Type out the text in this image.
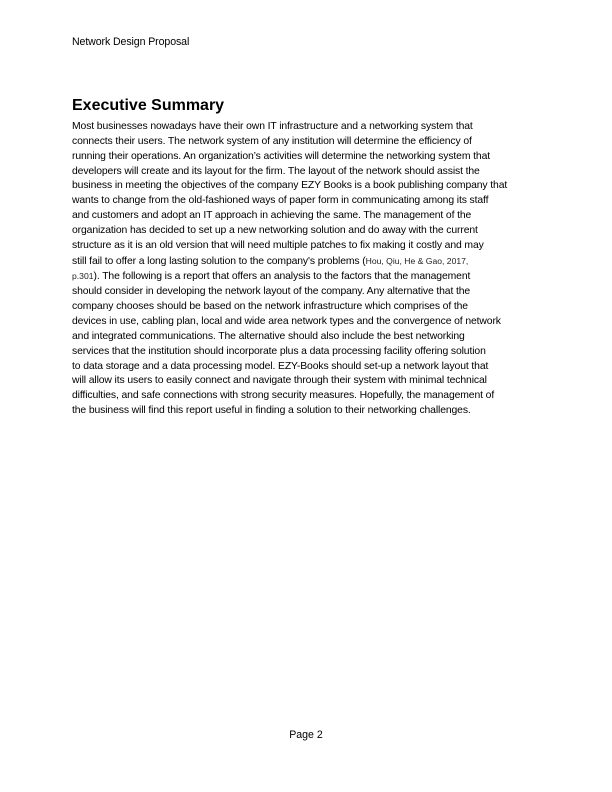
Network Design Proposal
Executive Summary

Most businesses nowadays have their own IT infrastructure and a networking system that
connects their users. The network system of any institution will determine the efficiency of
running their operations. An organization’s activities will determine the networking system that
developers will create and its layout for the firm. The layout of the network should assist the
business in meeting the objectives of the company EZY Books is a book publishing company that
wants to change from the old-fashioned ways of paper form in communicating among its staff
and customers and adopt an IT approach in achieving the same. The management of the
organization has decided to set up a new networking solution and do away with the current
structure as it is an old version that will need multiple patches to fix making it costly and may
still fail to offer a long lasting solution to the company's problems (Hou, Qiu, He & Gao, 2017,
p.301). The following is a report that offers an analysis to the factors that the management
should consider in developing the network layout of the company. Any alternative that the
company chooses should be based on the network infrastructure which comprises of the
devices in use, cabling plan, local and wide area network types and the convergence of network
and integrated communications. The alternative should also include the best networking
services that the institution should incorporate plus a data processing facility offering solution
to data storage and a data processing model. EZY-Books should set-up a network layout that
will allow its users to easily connect and navigate through their system with minimal technical
difficulties, and safe connections with strong security measures. Hopefully, the management of
the business will find this report useful in finding a solution to their networking challenges.

Page 2
